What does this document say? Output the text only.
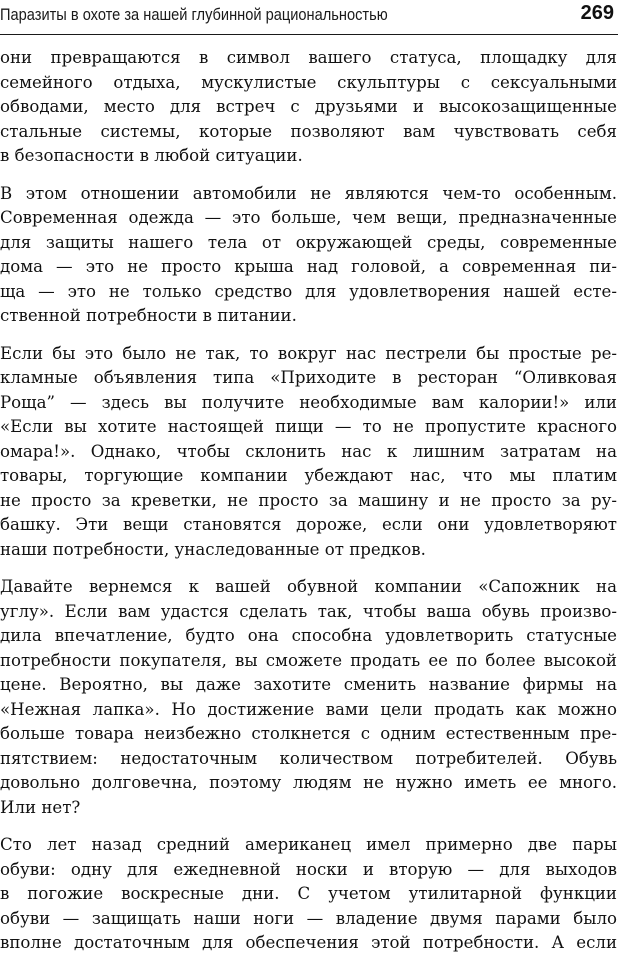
Паразиты в охоте за нашей глубинной рациональностью	269

они превращаются в символ вашего статуса, площадку для
семейного отдыха, мускулистые скульптуры с сексуальными
обводами, место для встреч с друзьями и высокозащищенные
стальные системы, которые позволяют вам чувствовать себя
в безопасности в любой ситуации.

В этом отношении автомобили не являются чем-то особенным.
Современная одежда — это больше, чем вещи, предназначенные
для защиты нашего тела от окружающей среды, современные
дома — это не просто крыша над головой, а современная пи-
ща — это не только средство для удовлетворения нашей есте-
ственной потребности в питании.

Если бы это было не так, то вокруг нас пестрели бы простые ре-
кламные объявления типа «Приходите в ресторан “Оливковая
Роща” — здесь вы получите необходимые вам калории!» или
«Если вы хотите настоящей пищи — то не пропустите красного
омара!». Однако, чтобы склонить нас к лишним затратам на
товары, торгующие компании убеждают нас, что мы платим
не просто за креветки, не просто за машину и не просто за ру-
башку. Эти вещи становятся дороже, если они удовлетворяют
наши потребности, унаследованные от предков.

Давайте вернемся к вашей обувной компании «Сапожник на
углу». Если вам удастся сделать так, чтобы ваша обувь произво-
дила впечатление, будто она способна удовлетворить статусные
потребности покупателя, вы сможете продать ее по более высокой
цене. Вероятно, вы даже захотите сменить название фирмы на
«Нежная лапка». Но достижение вами цели продать как можно
больше товара неизбежно столкнется с одним естественным пре-
пятствием: недостаточным количеством потребителей. Обувь
довольно долговечна, поэтому людям не нужно иметь ее много.
Или нет?

Сто лет назад средний американец имел примерно две пары
обуви: одну для ежедневной носки и вторую — для выходов
в погожие воскресные дни. С учетом утилитарной функции
обуви — защищать наши ноги — владение двумя парами было
вполне достаточным для обеспечения этой потребности. А если
